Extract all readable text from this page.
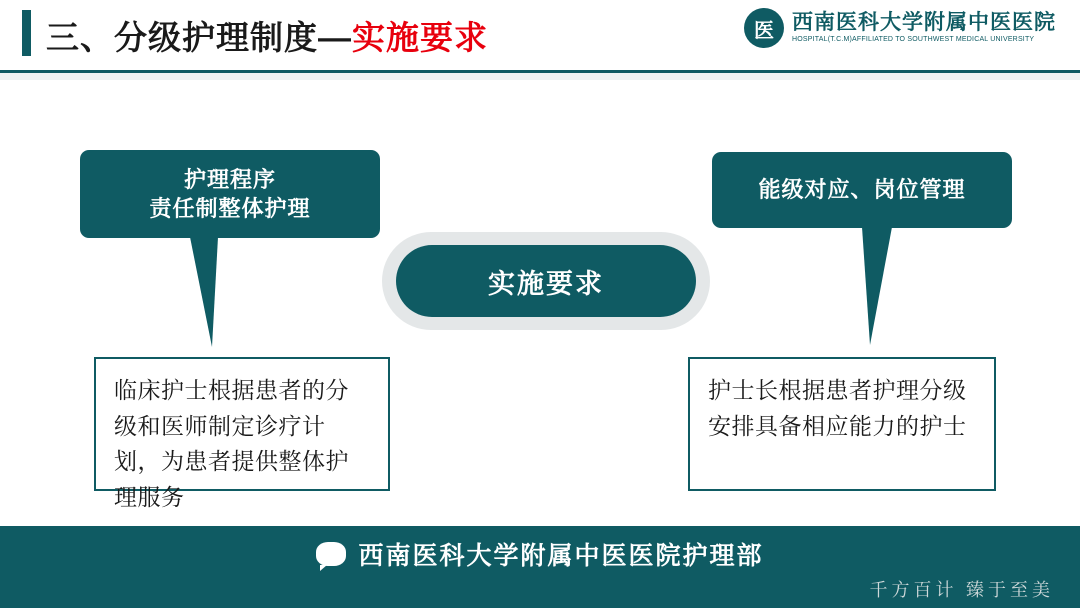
三、分级护理制度—实施要求	医 西南医科大学附属中医医院
HOSPITAL(T.C.M)AFFILIATED TO SOUTHWEST MEDICAL UNIVERSITY
实施要求
护理程序
责任制整体护理
临床护士根据患者的分级和医师制定诊疗计划，为患者提供整体护理服务
能级对应、岗位管理
护士长根据患者护理分级安排具备相应能力的护士
西南医科大学附属中医医院护理部
千方百计 臻于至美
